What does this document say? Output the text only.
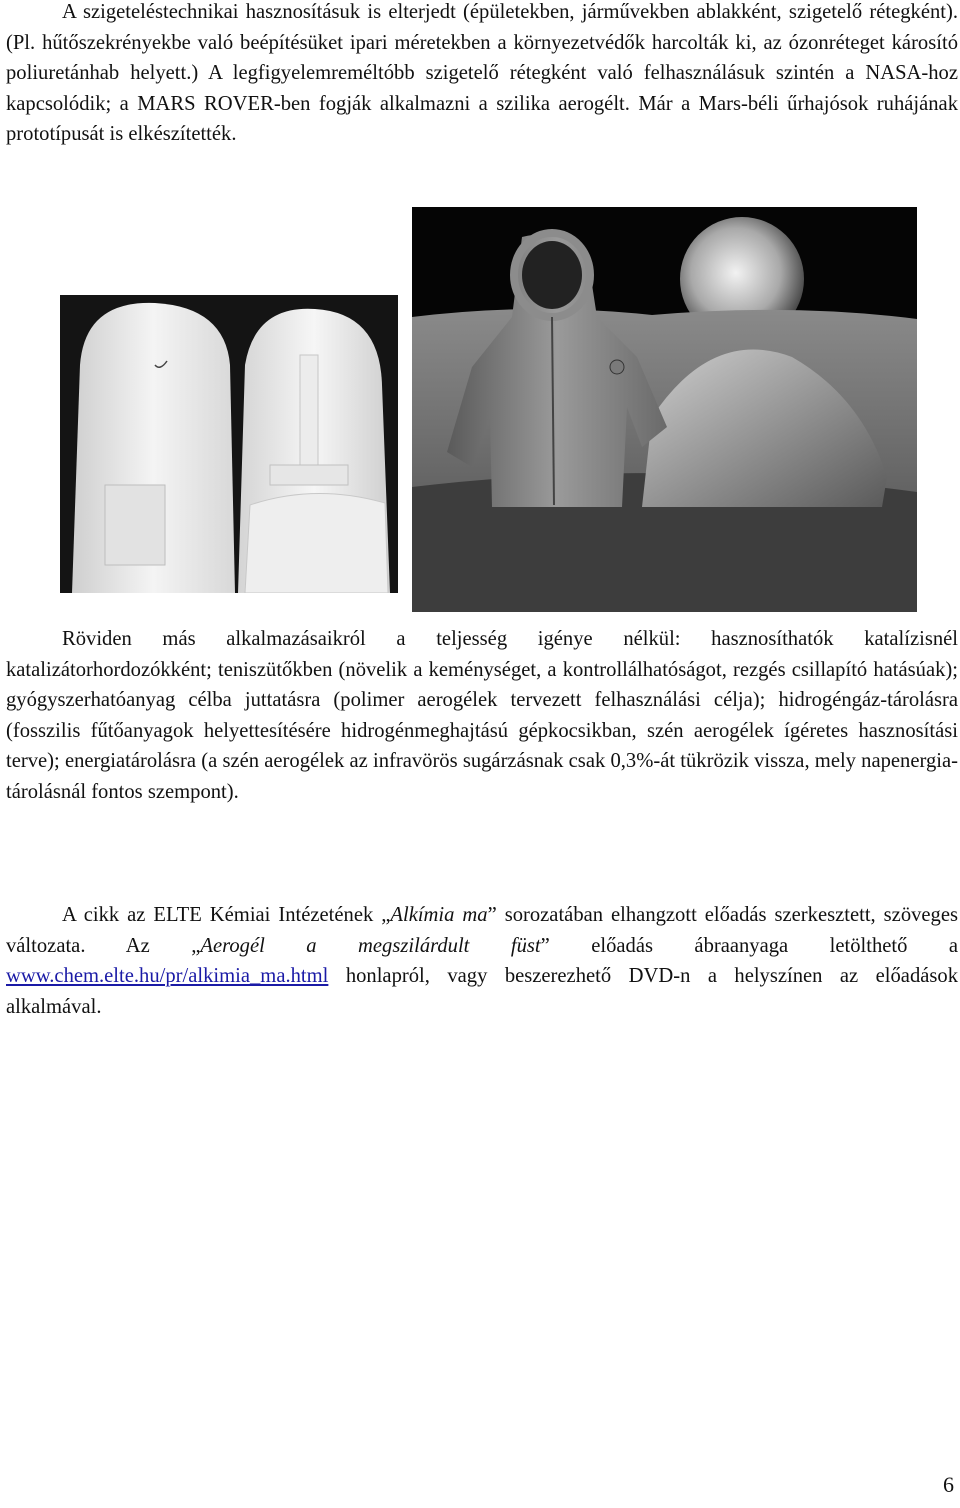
A szigeteléstechnikai hasznosításuk is elterjedt (épületekben, járművekben ablakként, szigetelő rétegként). (Pl. hűtőszekrényekbe való beépítésüket ipari méretekben a környezetvédők harcolták ki, az ózonréteget károsító poliuretánhab helyett.) A legfigyelemreméltóbb szigetelő rétegként való felhasználásuk szintén a NASA-hoz kapcsolódik; a MARS ROVER-ben fogják alkalmazni a szilika aerogélt. Már a Mars-béli űrhajósok ruhájának prototípusát is elkészítették.

Röviden más alkalmazásaikról a teljesség igénye nélkül: hasznosíthatók katalízisnél katalizátorhordozókként; teniszütőkben (növelik a keménységet, a kontrollálhatóságot, rezgés csillapító hatásúak); gyógyszerhatóanyag célba juttatásra (polimer aerogélek tervezett felhasználási célja); hidrogéngáz-tárolásra (fosszilis fűtőanyagok helyettesítésére hidrogénmeghajtású gépkocsikban, szén aerogélek ígéretes hasznosítási terve); energiatárolásra (a szén aerogélek az infravörös sugárzásnak csak 0,3%-át tükrözik vissza, mely napenergia-tárolásnál fontos szempont).

A cikk az ELTE Kémiai Intézetének „Alkímia ma” sorozatában elhangzott előadás szerkesztett, szöveges változata. Az „Aerogél a megszilárdult füst” előadás ábraanyaga letölthető a www.chem.elte.hu/pr/alkimia_ma.html honlapról, vagy beszerezhető DVD-n a helyszínen az előadások alkalmával.

6
